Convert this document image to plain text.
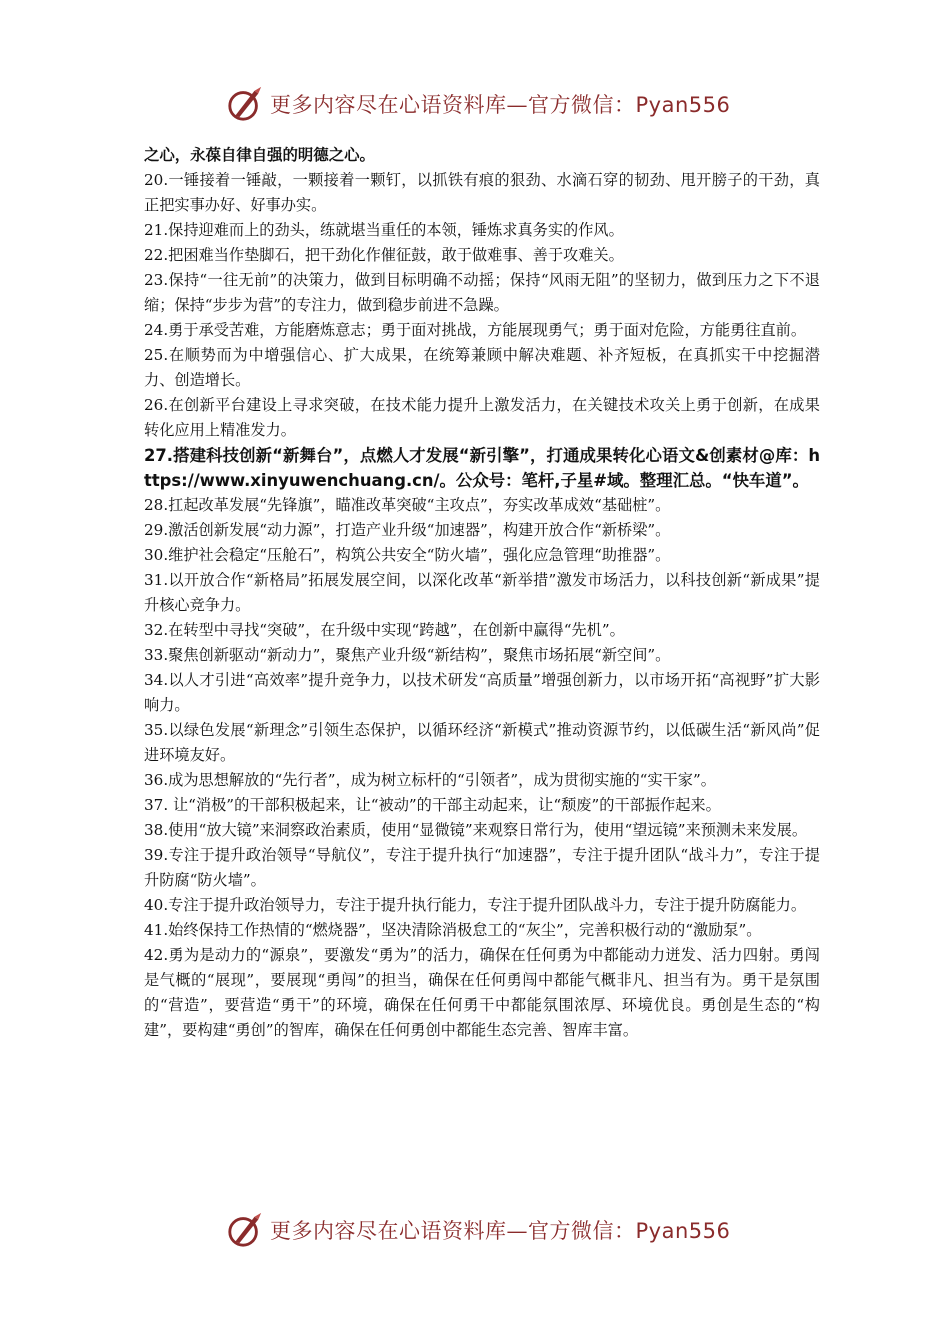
更多内容尽在心语资料库—官方微信：Pyan556

之心，永葆自律自强的明德之心。

20.一锤接着一锤敲，一颗接着一颗钉，以抓铁有痕的狠劲、水滴石穿的韧劲、甩开膀子的干劲，真正把实事办好、好事办实。

21.保持迎难而上的劲头，练就堪当重任的本领，锤炼求真务实的作风。

22.把困难当作垫脚石，把干劲化作催征鼓，敢于做难事、善于攻难关。

23.保持“一往无前”的决策力，做到目标明确不动摇；保持“风雨无阻”的坚韧力，做到压力之下不退缩；保持“步步为营”的专注力，做到稳步前进不急躁。

24.勇于承受苦难，方能磨炼意志；勇于面对挑战，方能展现勇气；勇于面对危险，方能勇往直前。

25.在顺势而为中增强信心、扩大成果，在统筹兼顾中解决难题、补齐短板，在真抓实干中挖掘潜力、创造增长。

26.在创新平台建设上寻求突破，在技术能力提升上激发活力，在关键技术攻关上勇于创新，在成果转化应用上精准发力。

27.搭建科技创新“新舞台”，点燃人才发展“新引擎”，打通成果转化心语文&创素材@库：https://www.xinyuwenchuang.cn/。公众号：笔杆,子星#域。整理汇总。“快车道”。

28.扛起改革发展“先锋旗”，瞄准改革突破“主攻点”，夯实改革成效“基础桩”。

29.激活创新发展“动力源”，打造产业升级“加速器”，构建开放合作“新桥梁”。

30.维护社会稳定“压舱石”，构筑公共安全“防火墙”，强化应急管理“助推器”。

31.以开放合作“新格局”拓展发展空间，以深化改革“新举措”激发市场活力，以科技创新“新成果”提升核心竞争力。

32.在转型中寻找“突破”，在升级中实现“跨越”，在创新中赢得“先机”。

33.聚焦创新驱动“新动力”，聚焦产业升级“新结构”，聚焦市场拓展“新空间”。

34.以人才引进“高效率”提升竞争力，以技术研发“高质量”增强创新力，以市场开拓“高视野”扩大影响力。

35.以绿色发展“新理念”引领生态保护，以循环经济“新模式”推动资源节约，以低碳生活“新风尚”促进环境友好。

36.成为思想解放的“先行者”，成为树立标杆的“引领者”，成为贯彻实施的“实干家”。

37. 让“消极”的干部积极起来，让“被动”的干部主动起来，让“颓废”的干部振作起来。

38.使用“放大镜”来洞察政治素质，使用“显微镜”来观察日常行为，使用“望远镜”来预测未来发展。

39.专注于提升政治领导“导航仪”，专注于提升执行“加速器”，专注于提升团队“战斗力”，专注于提升防腐“防火墙”。

40.专注于提升政治领导力，专注于提升执行能力，专注于提升团队战斗力，专注于提升防腐能力。

41.始终保持工作热情的“燃烧器”，坚决清除消极怠工的“灰尘”，完善积极行动的“激励泵”。

42.勇为是动力的“源泉”，要激发“勇为”的活力，确保在任何勇为中都能动力迸发、活力四射。勇闯是气概的“展现”，要展现“勇闯”的担当，确保在任何勇闯中都能气概非凡、担当有为。勇干是氛围的“营造”，要营造“勇干”的环境，确保在任何勇干中都能氛围浓厚、环境优良。勇创是生态的“构建”，要构建“勇创”的智库，确保在任何勇创中都能生态完善、智库丰富。

更多内容尽在心语资料库—官方微信：Pyan556
